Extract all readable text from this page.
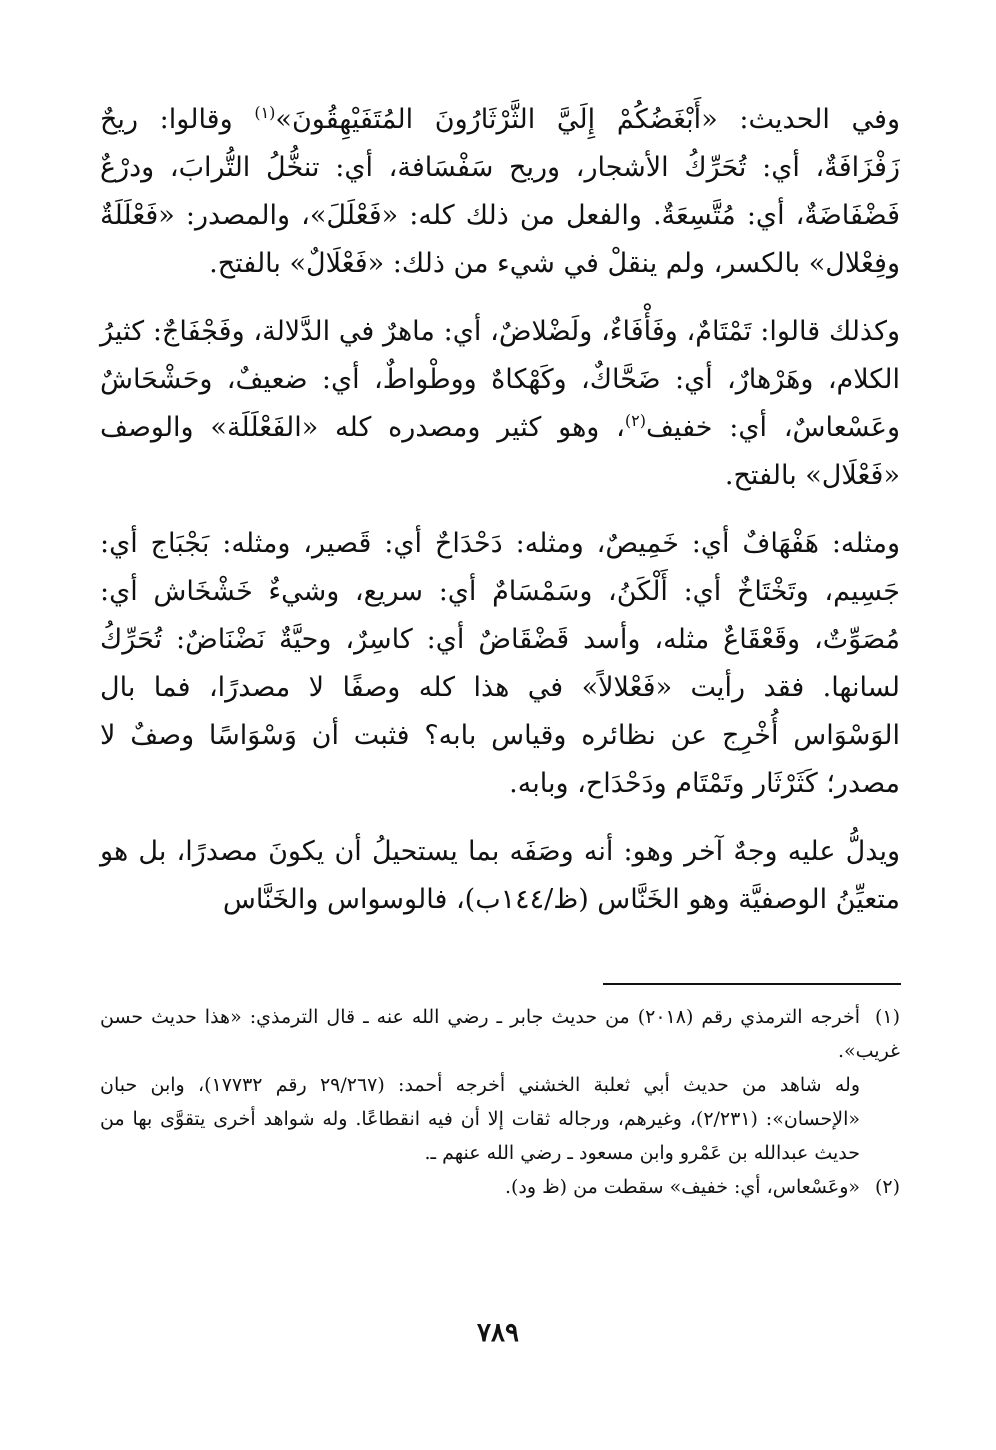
وفي الحديث: «أَبْغَضُكُمْ إِلَيَّ الثَّرْثَارُونَ المُتَفَيْهِقُونَ»$^{(١)}$ وقالوا: ريحٌ زَفْزَافَةٌ، أي: تُحَرِّكُ الأشجار، وريح سَفْسَافة، أي: تنخُّلُ التُّرابَ، ودرْعٌ فَضْفَاضَةٌ، أي: مُتَّسِعَةٌ. والفعل من ذلك كله: «فَعْلَلَ»، والمصدر: «فَعْلَلَةٌ وفِعْلال» بالكسر، ولم ينقلْ في شيء من ذلك: «فَعْلَالٌ» بالفتح.

وكذلك قالوا: تَمْتَامٌ، وفَأْفَاءٌ، ولَضْلاضٌ، أي: ماهرٌ في الدَّلالة، وفَجْفَاجٌ: كثيرُ الكلام، وهَرْهارٌ، أي: ضَحَّاكٌ، وكَهْكاهٌ ووطْواطٌ، أي: ضعيفٌ، وحَشْحَاشٌ وعَسْعاسٌ، أي: خفيف$^{(٢)}$، وهو كثير ومصدره كله «الفَعْلَلَة» والوصف «فَعْلَال» بالفتح.

ومثله: هَفْهَافٌ أي: خَمِيصٌ، ومثله: دَحْدَاحٌ أي: قَصير، ومثله: بَجْبَاج أي: جَسِيم، وتَخْتَاخٌ أي: أَلْكَنُ، وسَمْسَامٌ أي: سريع، وشيءٌ خَشْخَاش أي: مُصَوِّتٌ، وقَعْقَاعٌ مثله، وأسد قَضْقَاضٌ أي: كاسِرٌ، وحيَّةٌ نَضْنَاضٌ: تُحَرِّكُ لسانها. فقد رأيت «فَعْلالاً» في هذا كله وصفًا لا مصدرًا، فما بال الوَسْوَاس أُخْرِج عن نظائره وقياس بابه؟ فثبت أن وَسْوَاسًا وصفٌ لا مصدر؛ كَثَرْثَار وتَمْتَام ودَحْدَاح، وبابه.

ويدلُّ عليه وجهٌ آخر وهو: أنه وصَفَه بما يستحيلُ أن يكونَ مصدرًا، بل هو متعيِّنُ الوصفيَّة وهو الخَنَّاس (ظ/١٤٤ب)، فالوسواس والخَنَّاس

(١)أخرجه الترمذي رقم (٢٠١٨) من حديث جابر ـ رضي الله عنه ـ قال الترمذي: «هذا حديث حسن غريب».

وله شاهد من حديث أبي ثعلبة الخشني أخرجه أحمد: (٢٩/٢٦٧ رقم ١٧٧٣٢)، وابن حبان «الإحسان»: (٢/٢٣١)، وغيرهم، ورجاله ثقات إلا أن فيه انقطاعًا. وله شواهد أخرى يتقوَّى بها من حديث عبدالله بن عَمْرو وابن مسعود ـ رضي الله عنهم ـ.

(٢)«وعَسْعاس، أي: خفيف» سقطت من (ظ ود).

٧٨٩
